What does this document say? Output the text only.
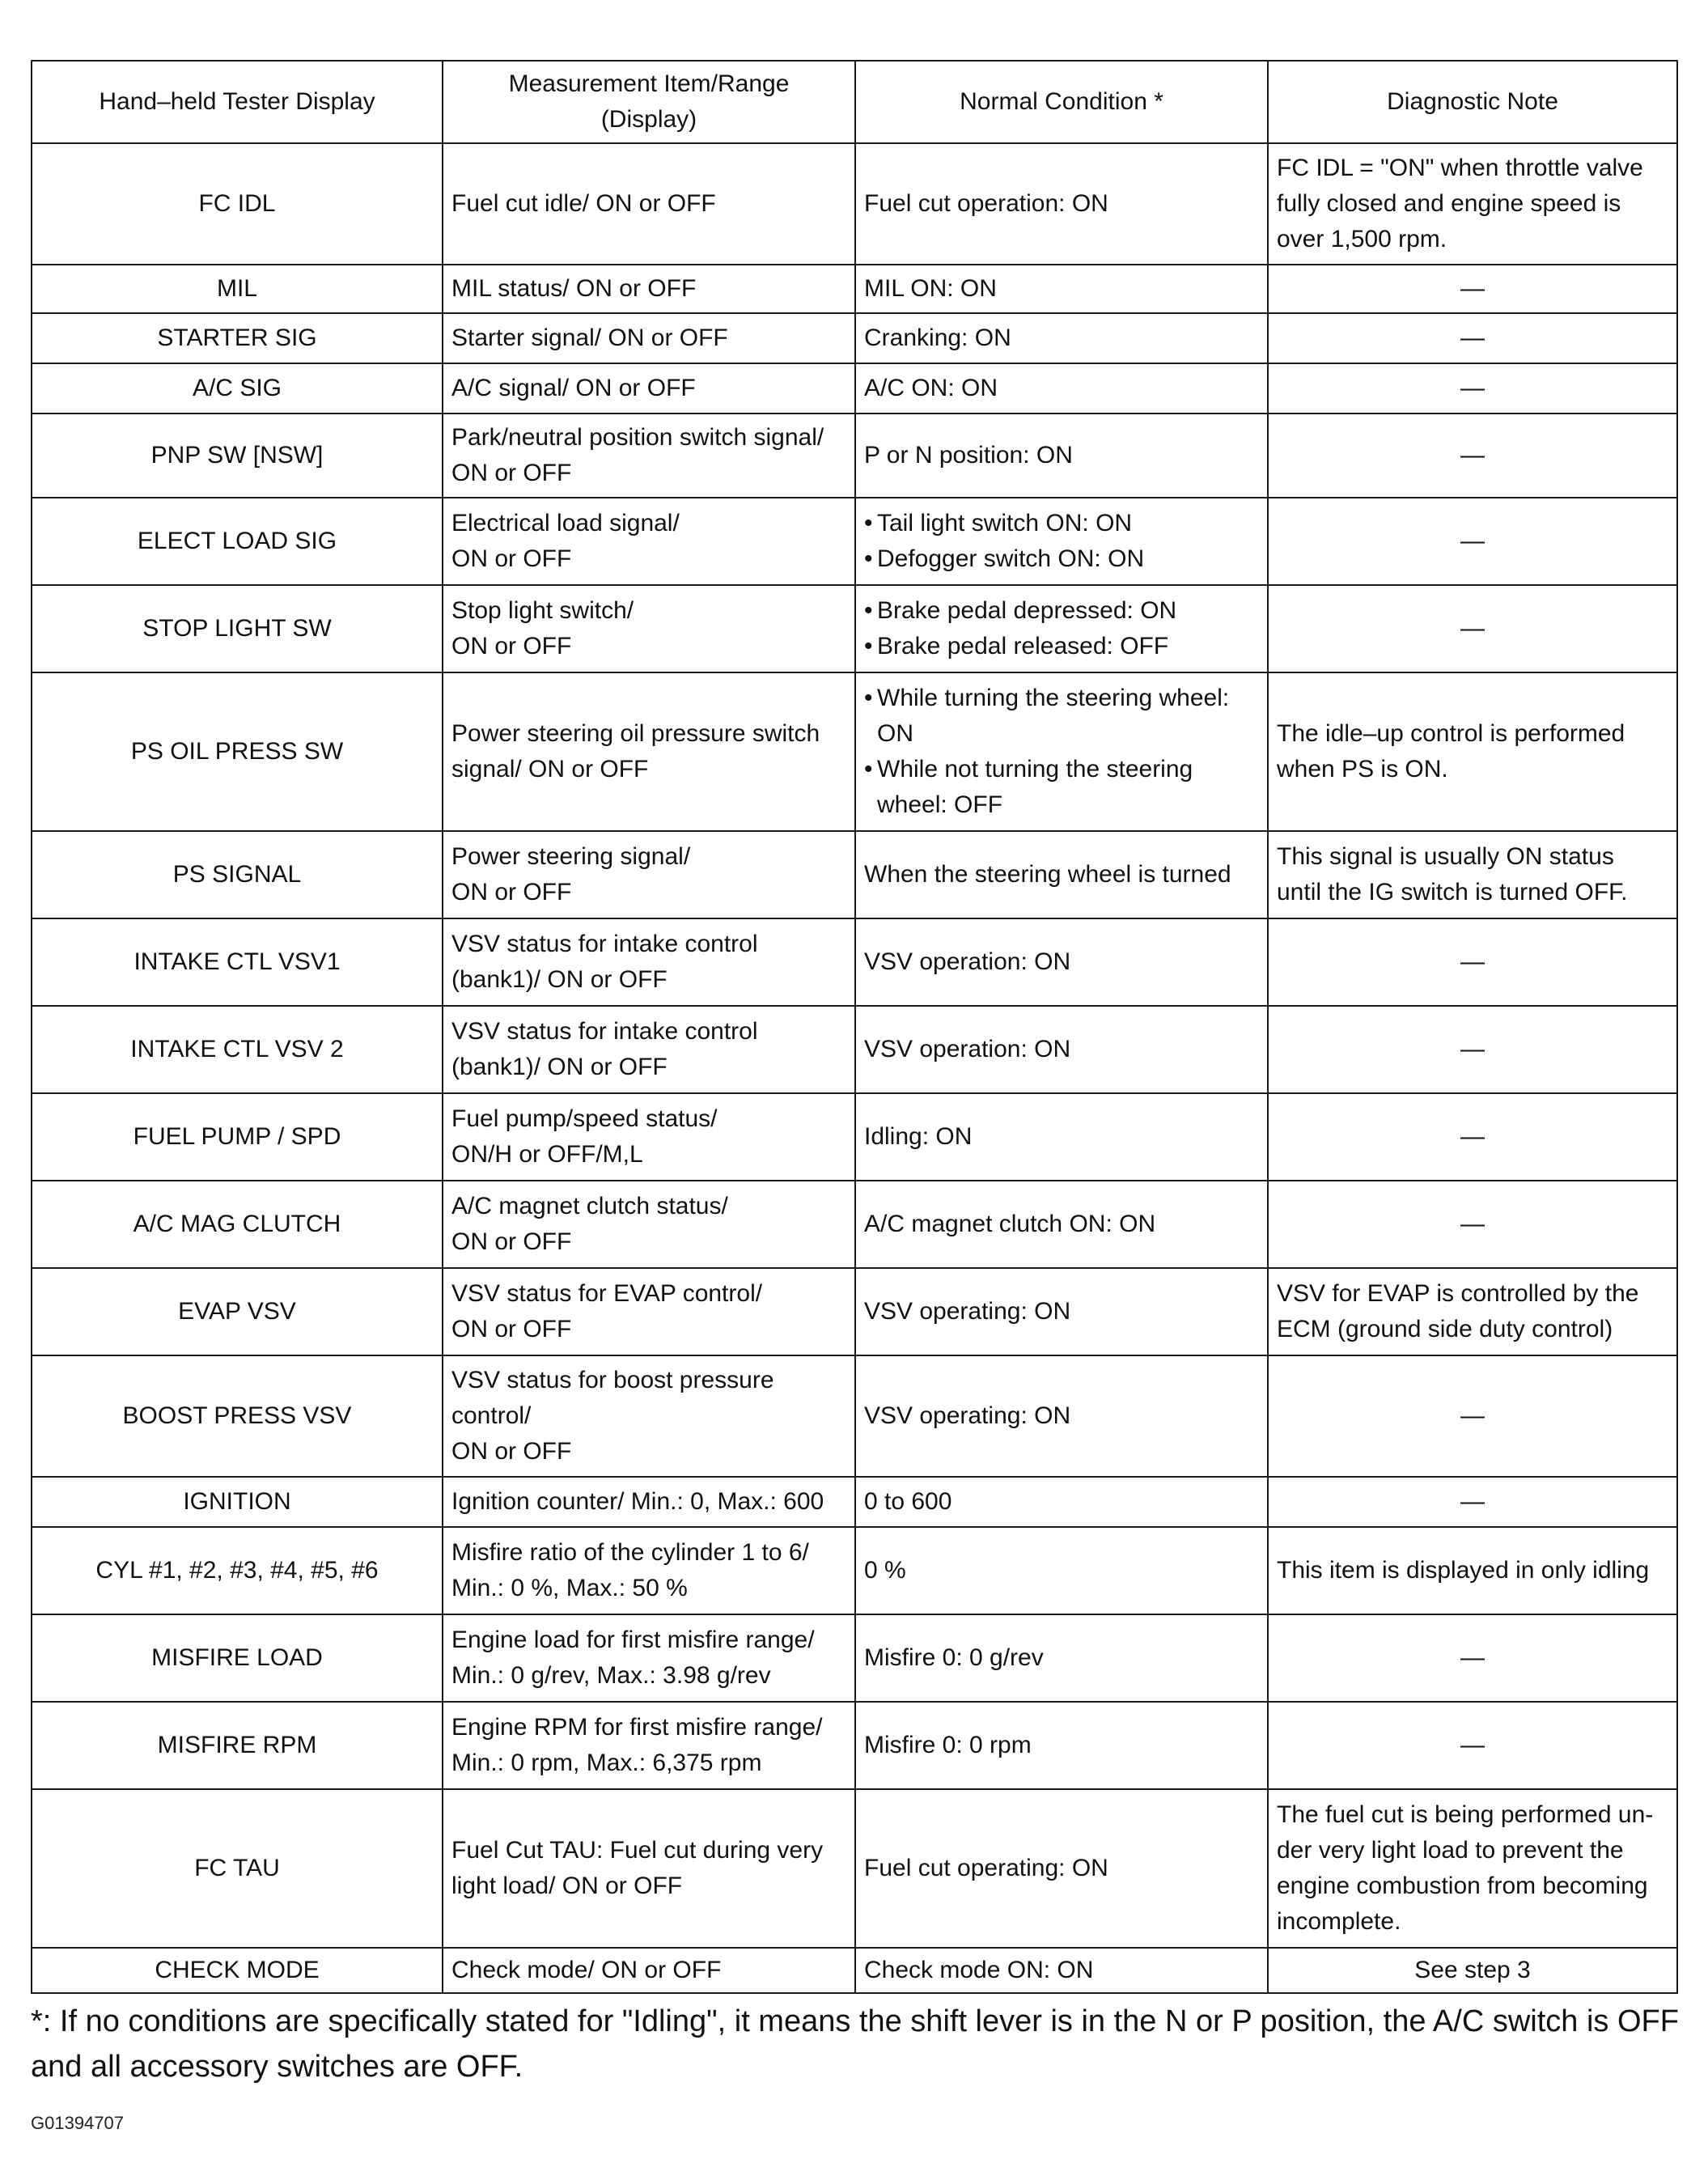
Hand–held Tester Display	Measurement Item/Range
(Display)	Normal Condition *	Diagnostic Note

FC IDL	Fuel cut idle/ ON or OFF	Fuel cut operation: ON	FC IDL = "ON" when throttle valve
fully closed and engine speed is
over 1,500 rpm.

MIL	MIL status/ ON or OFF	MIL ON: ON	—

STARTER SIG	Starter signal/ ON or OFF	Cranking: ON	—

A/C SIG	A/C signal/ ON or OFF	A/C ON: ON	—

PNP SW [NSW]	Park/neutral position switch signal/
ON or OFF	P or N position: ON	—

ELECT LOAD SIG	Electrical load signal/
ON or OFF	• Tail light switch ON: ON
• Defogger switch ON: ON	—

STOP LIGHT SW	Stop light switch/
ON or OFF	• Brake pedal depressed: ON
• Brake pedal released: OFF	—

PS OIL PRESS SW	Power steering oil pressure switch
signal/ ON or OFF	• While turning the steering wheel:
ON
• While not turning the steering
wheel: OFF	The idle–up control is performed
when PS is ON.

PS SIGNAL	Power steering signal/
ON or OFF	When the steering wheel is turned	This signal is usually ON status
until the IG switch is turned OFF.

INTAKE CTL VSV1	VSV status for intake control
(bank1)/ ON or OFF	VSV operation: ON	—

INTAKE CTL VSV 2	VSV status for intake control
(bank1)/ ON or OFF	VSV operation: ON	—

FUEL PUMP / SPD	Fuel pump/speed status/
ON/H or OFF/M,L	Idling: ON	—

A/C MAG CLUTCH	A/C magnet clutch status/
ON or OFF	A/C magnet clutch ON: ON	—

EVAP VSV	VSV status for EVAP control/
ON or OFF	VSV operating: ON	VSV for EVAP is controlled by the
ECM (ground side duty control)

BOOST PRESS VSV	VSV status for boost pressure
control/
ON or OFF	VSV operating: ON	—

IGNITION	Ignition counter/ Min.: 0, Max.: 600	0 to 600	—

CYL #1, #2, #3, #4, #5, #6	Misfire ratio of the cylinder 1 to 6/
Min.: 0 %, Max.: 50 %	0 %	This item is displayed in only idling

MISFIRE LOAD	Engine load for first misfire range/
Min.: 0 g/rev, Max.: 3.98 g/rev	Misfire 0: 0 g/rev	—

MISFIRE RPM	Engine RPM for first misfire range/
Min.: 0 rpm, Max.: 6,375 rpm	Misfire 0: 0 rpm	—

FC TAU	Fuel Cut TAU: Fuel cut during very
light load/ ON or OFF	Fuel cut operating: ON	The fuel cut is being performed un-
der very light load to prevent the
engine combustion from becoming
incomplete.

CHECK MODE	Check mode/ ON or OFF	Check mode ON: ON	See step 3
*: If no conditions are specifically stated for "Idling", it means the shift lever is in the N or P position, the A/C switch is OFF and all accessory switches are OFF.
G01394707
